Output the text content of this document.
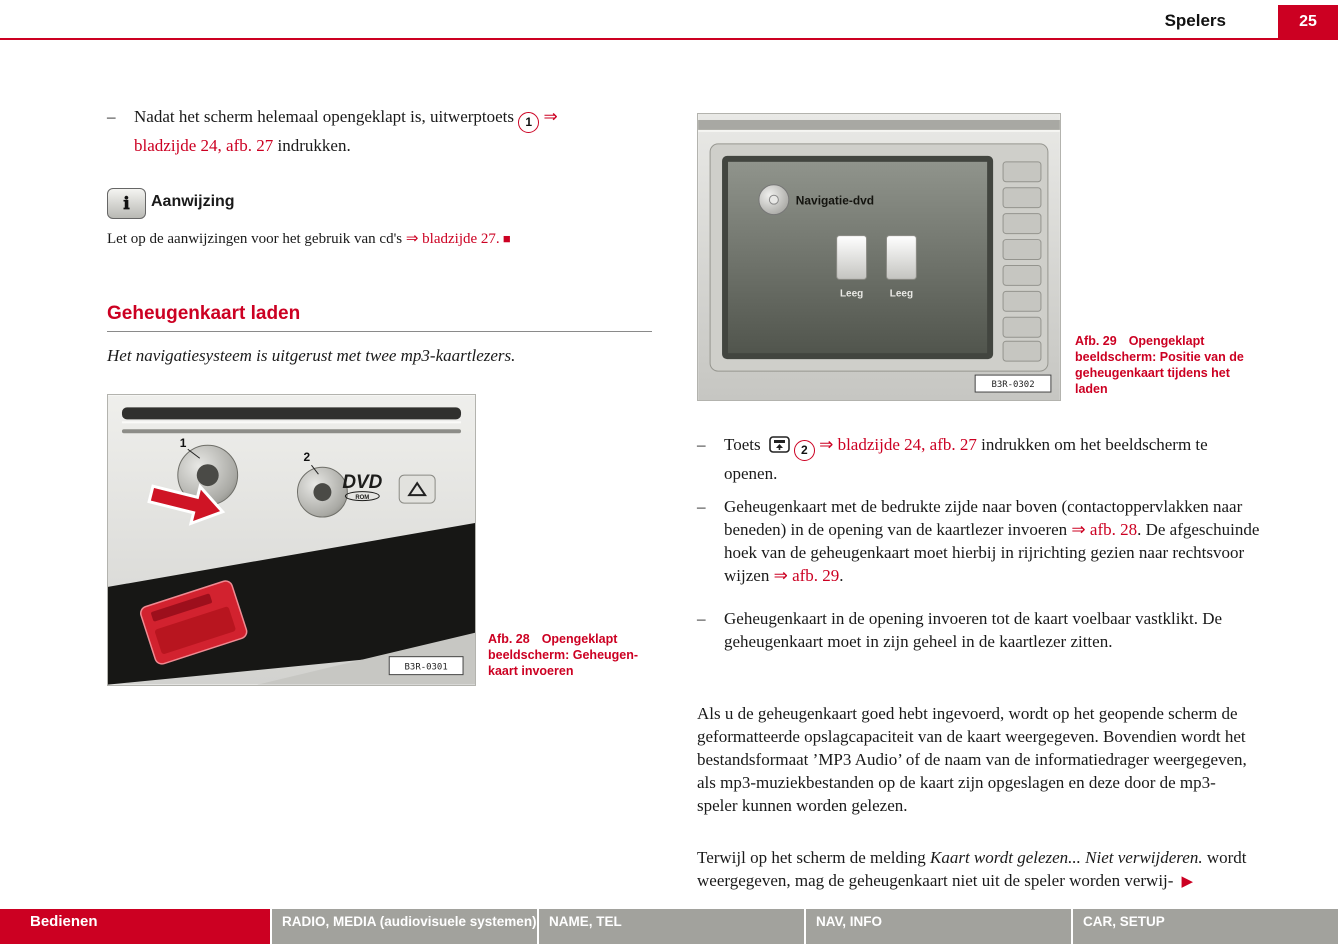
Spelers	25
– Nadat het scherm helemaal opengeklapt is, uitwerptoets 1 ⇒ bladzijde 24, afb. 27 indrukken.
ℹ	Aanwijzing
Let op de aanwijzingen voor het gebruik van cd's ⇒ bladzijde 27. ■
Geheugenkaart laden
Het navigatiesysteem is uitgerust met twee mp3-kaartlezers.
1
2
DVD
ROM
B3R-0301
Afb. 28 Opengeklapt beeldscherm: Geheugenkaart invoeren
Navigatie-dvd
Leeg	Leeg
B3R-0302
Afb. 29 Opengeklapt beeldscherm: Positie van de geheugenkaart tijdens het laden
– Toets	2 ⇒ bladzijde 24, afb. 27 indrukken om het beeldscherm te openen.
– Geheugenkaart met de bedrukte zijde naar boven (contactoppervlakken naar beneden) in de opening van de kaartlezer invoeren ⇒ afb. 28. De afgeschuinde hoek van de geheugenkaart moet hierbij in rijrichting gezien naar rechtsvoor wijzen ⇒ afb. 29.
– Geheugenkaart in de opening invoeren tot de kaart voelbaar vastklikt. De geheugenkaart moet in zijn geheel in de kaartlezer zitten.
Als u de geheugenkaart goed hebt ingevoerd, wordt op het geopende scherm de geformatteerde opslagcapaciteit van de kaart weergegeven. Bovendien wordt het bestandsformaat ’MP3 Audio’ of de naam van de informatiedrager weergegeven, als mp3-muziekbestanden op de kaart zijn opgeslagen en deze door de mp3-speler kunnen worden gelezen.
Terwijl op het scherm de melding Kaart wordt gelezen... Niet verwijderen. wordt weergegeven, mag de geheugenkaart niet uit de speler worden verwij- ▶
Bedienen	RADIO, MEDIA (audiovisuele systemen) NAME, TEL	NAV, INFO	CAR, SETUP
